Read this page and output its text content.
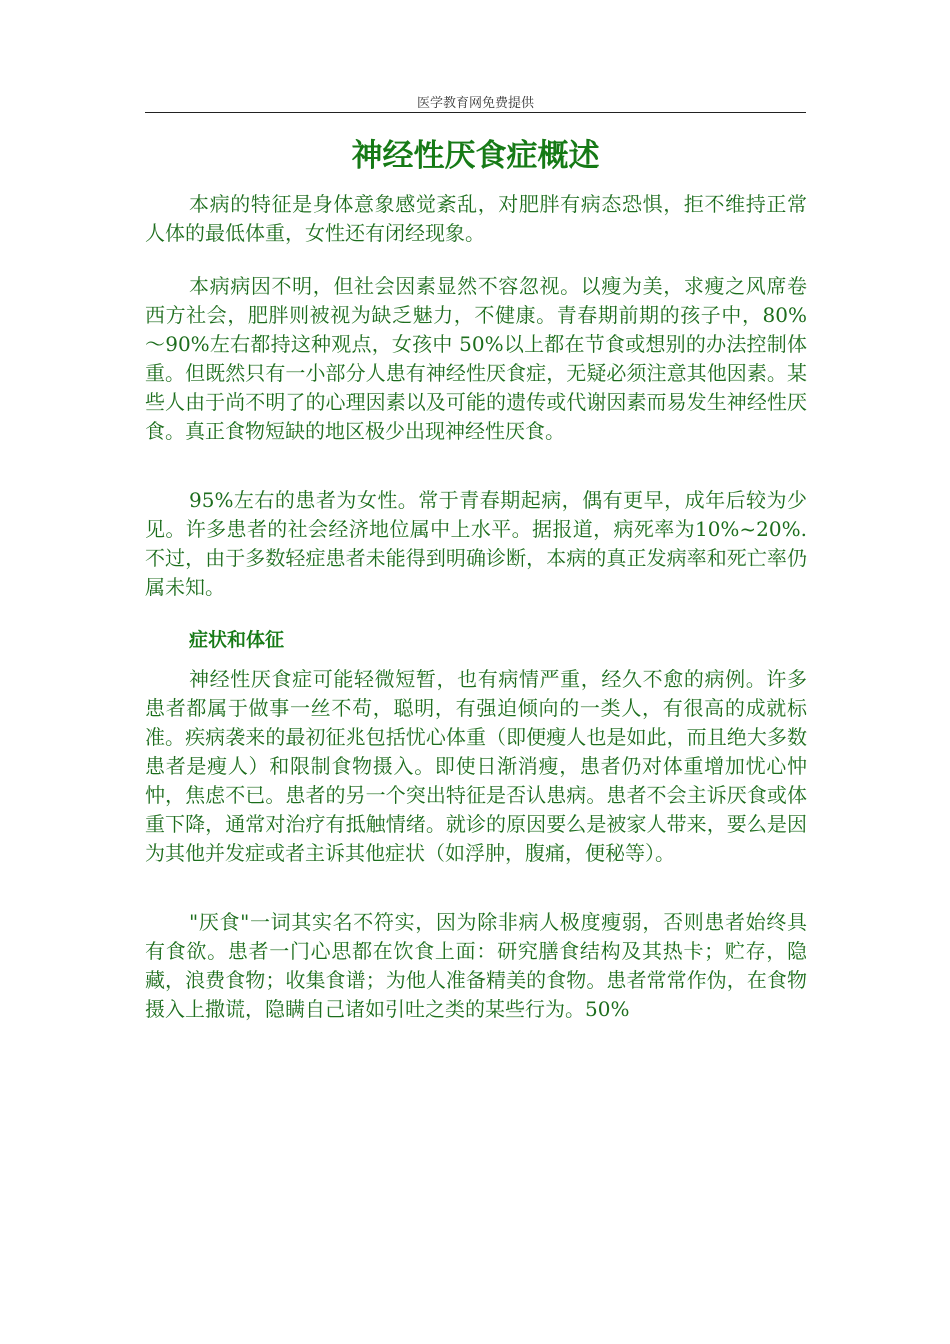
医学教育网免费提供
神经性厌食症概述

本病的特征是身体意象感觉紊乱，对肥胖有病态恐惧，拒不维持正常人体的最低体重，女性还有闭经现象。

本病病因不明，但社会因素显然不容忽视。以瘦为美，求瘦之风席卷西方社会，肥胖则被视为缺乏魅力，不健康。青春期前期的孩子中，80%～90%左右都持这种观点，女孩中 50%以上都在节食或想别的办法控制体重。但既然只有一小部分人患有神经性厌食症，无疑必须注意其他因素。某些人由于尚不明了的心理因素以及可能的遗传或代谢因素而易发生神经性厌食。真正食物短缺的地区极少出现神经性厌食。

95%左右的患者为女性。常于青春期起病，偶有更早，成年后较为少见。许多患者的社会经济地位属中上水平。据报道，病死率为10%~20%.不过，由于多数轻症患者未能得到明确诊断，本病的真正发病率和死亡率仍属未知。

症状和体征

神经性厌食症可能轻微短暂，也有病情严重，经久不愈的病例。许多患者都属于做事一丝不苟，聪明，有强迫倾向的一类人，有很高的成就标准。疾病袭来的最初征兆包括忧心体重（即便瘦人也是如此，而且绝大多数患者是瘦人）和限制食物摄入。即使日渐消瘦，患者仍对体重增加忧心忡忡，焦虑不已。患者的另一个突出特征是否认患病。患者不会主诉厌食或体重下降，通常对治疗有抵触情绪。就诊的原因要么是被家人带来，要么是因为其他并发症或者主诉其他症状（如浮肿，腹痛，便秘等）。

"厌食"一词其实名不符实，因为除非病人极度瘦弱，否则患者始终具有食欲。患者一门心思都在饮食上面：研究膳食结构及其热卡；贮存，隐藏，浪费食物；收集食谱；为他人准备精美的食物。患者常常作伪，在食物摄入上撒谎，隐瞒自己诸如引吐之类的某些行为。50%
